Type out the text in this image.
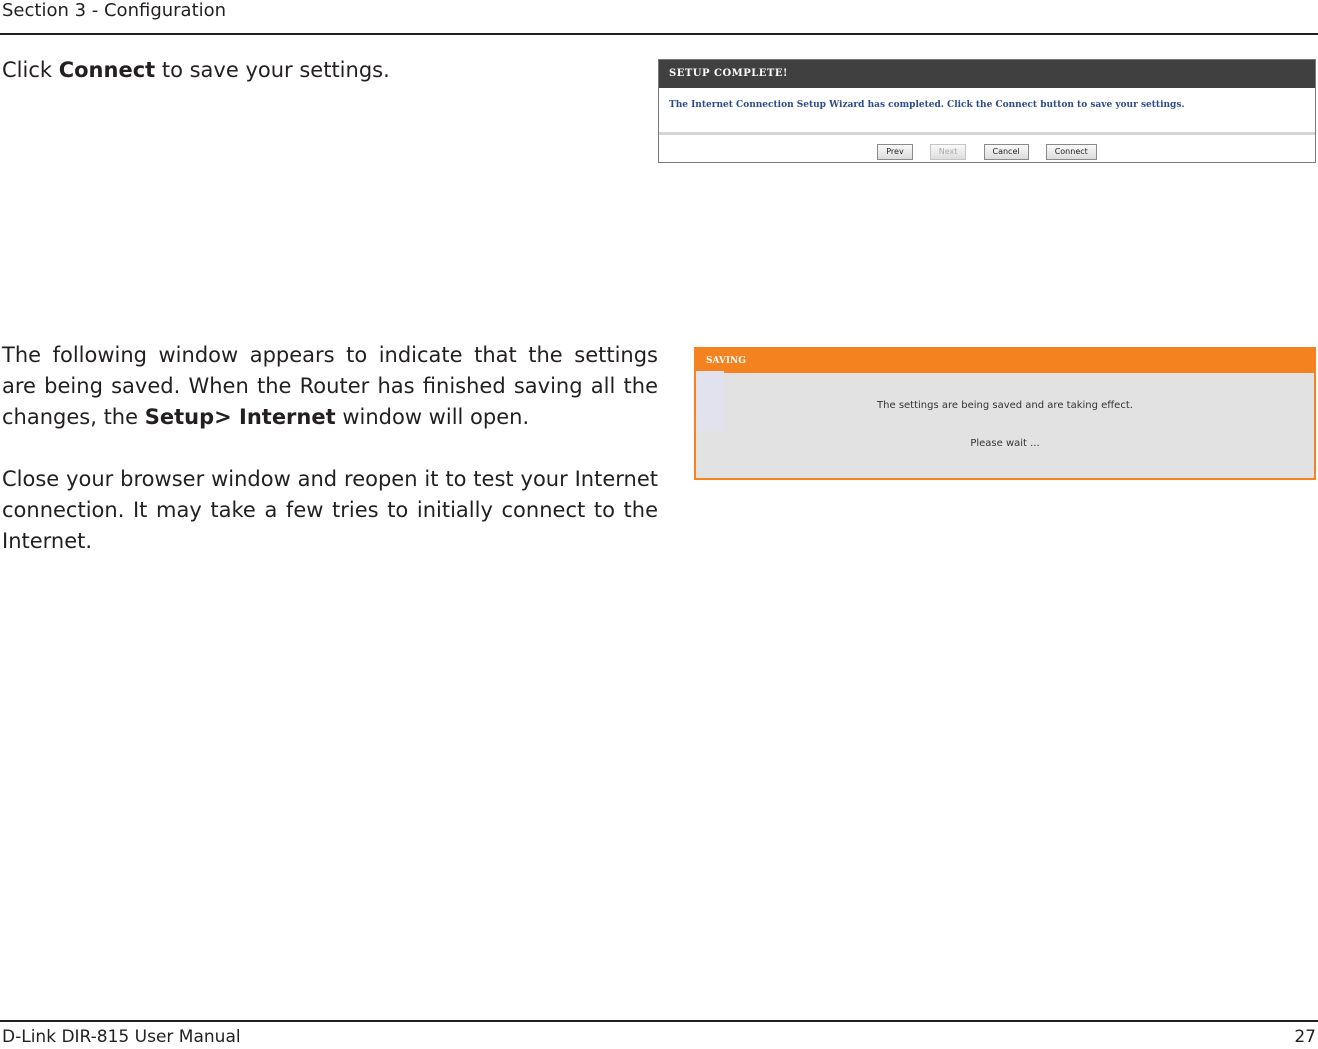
Section 3 - Configuration
Click Connect to save your settings.	SETUP COMPLETE!
The Internet Connection Setup Wizard has completed. Click the Connect button to save your settings.
Prev	Next	Cancel	Connect
The following window appears to indicate that the settings are being saved. When the Router has finished saving all the changes, the Setup> Internet window will open.
Close your browser window and reopen it to test your Internet connection. It may take a few tries to initially connect to the Internet.
SAVING
The settings are being saved and are taking effect.
Please wait ...
D-Link DIR-815 User Manual	27
